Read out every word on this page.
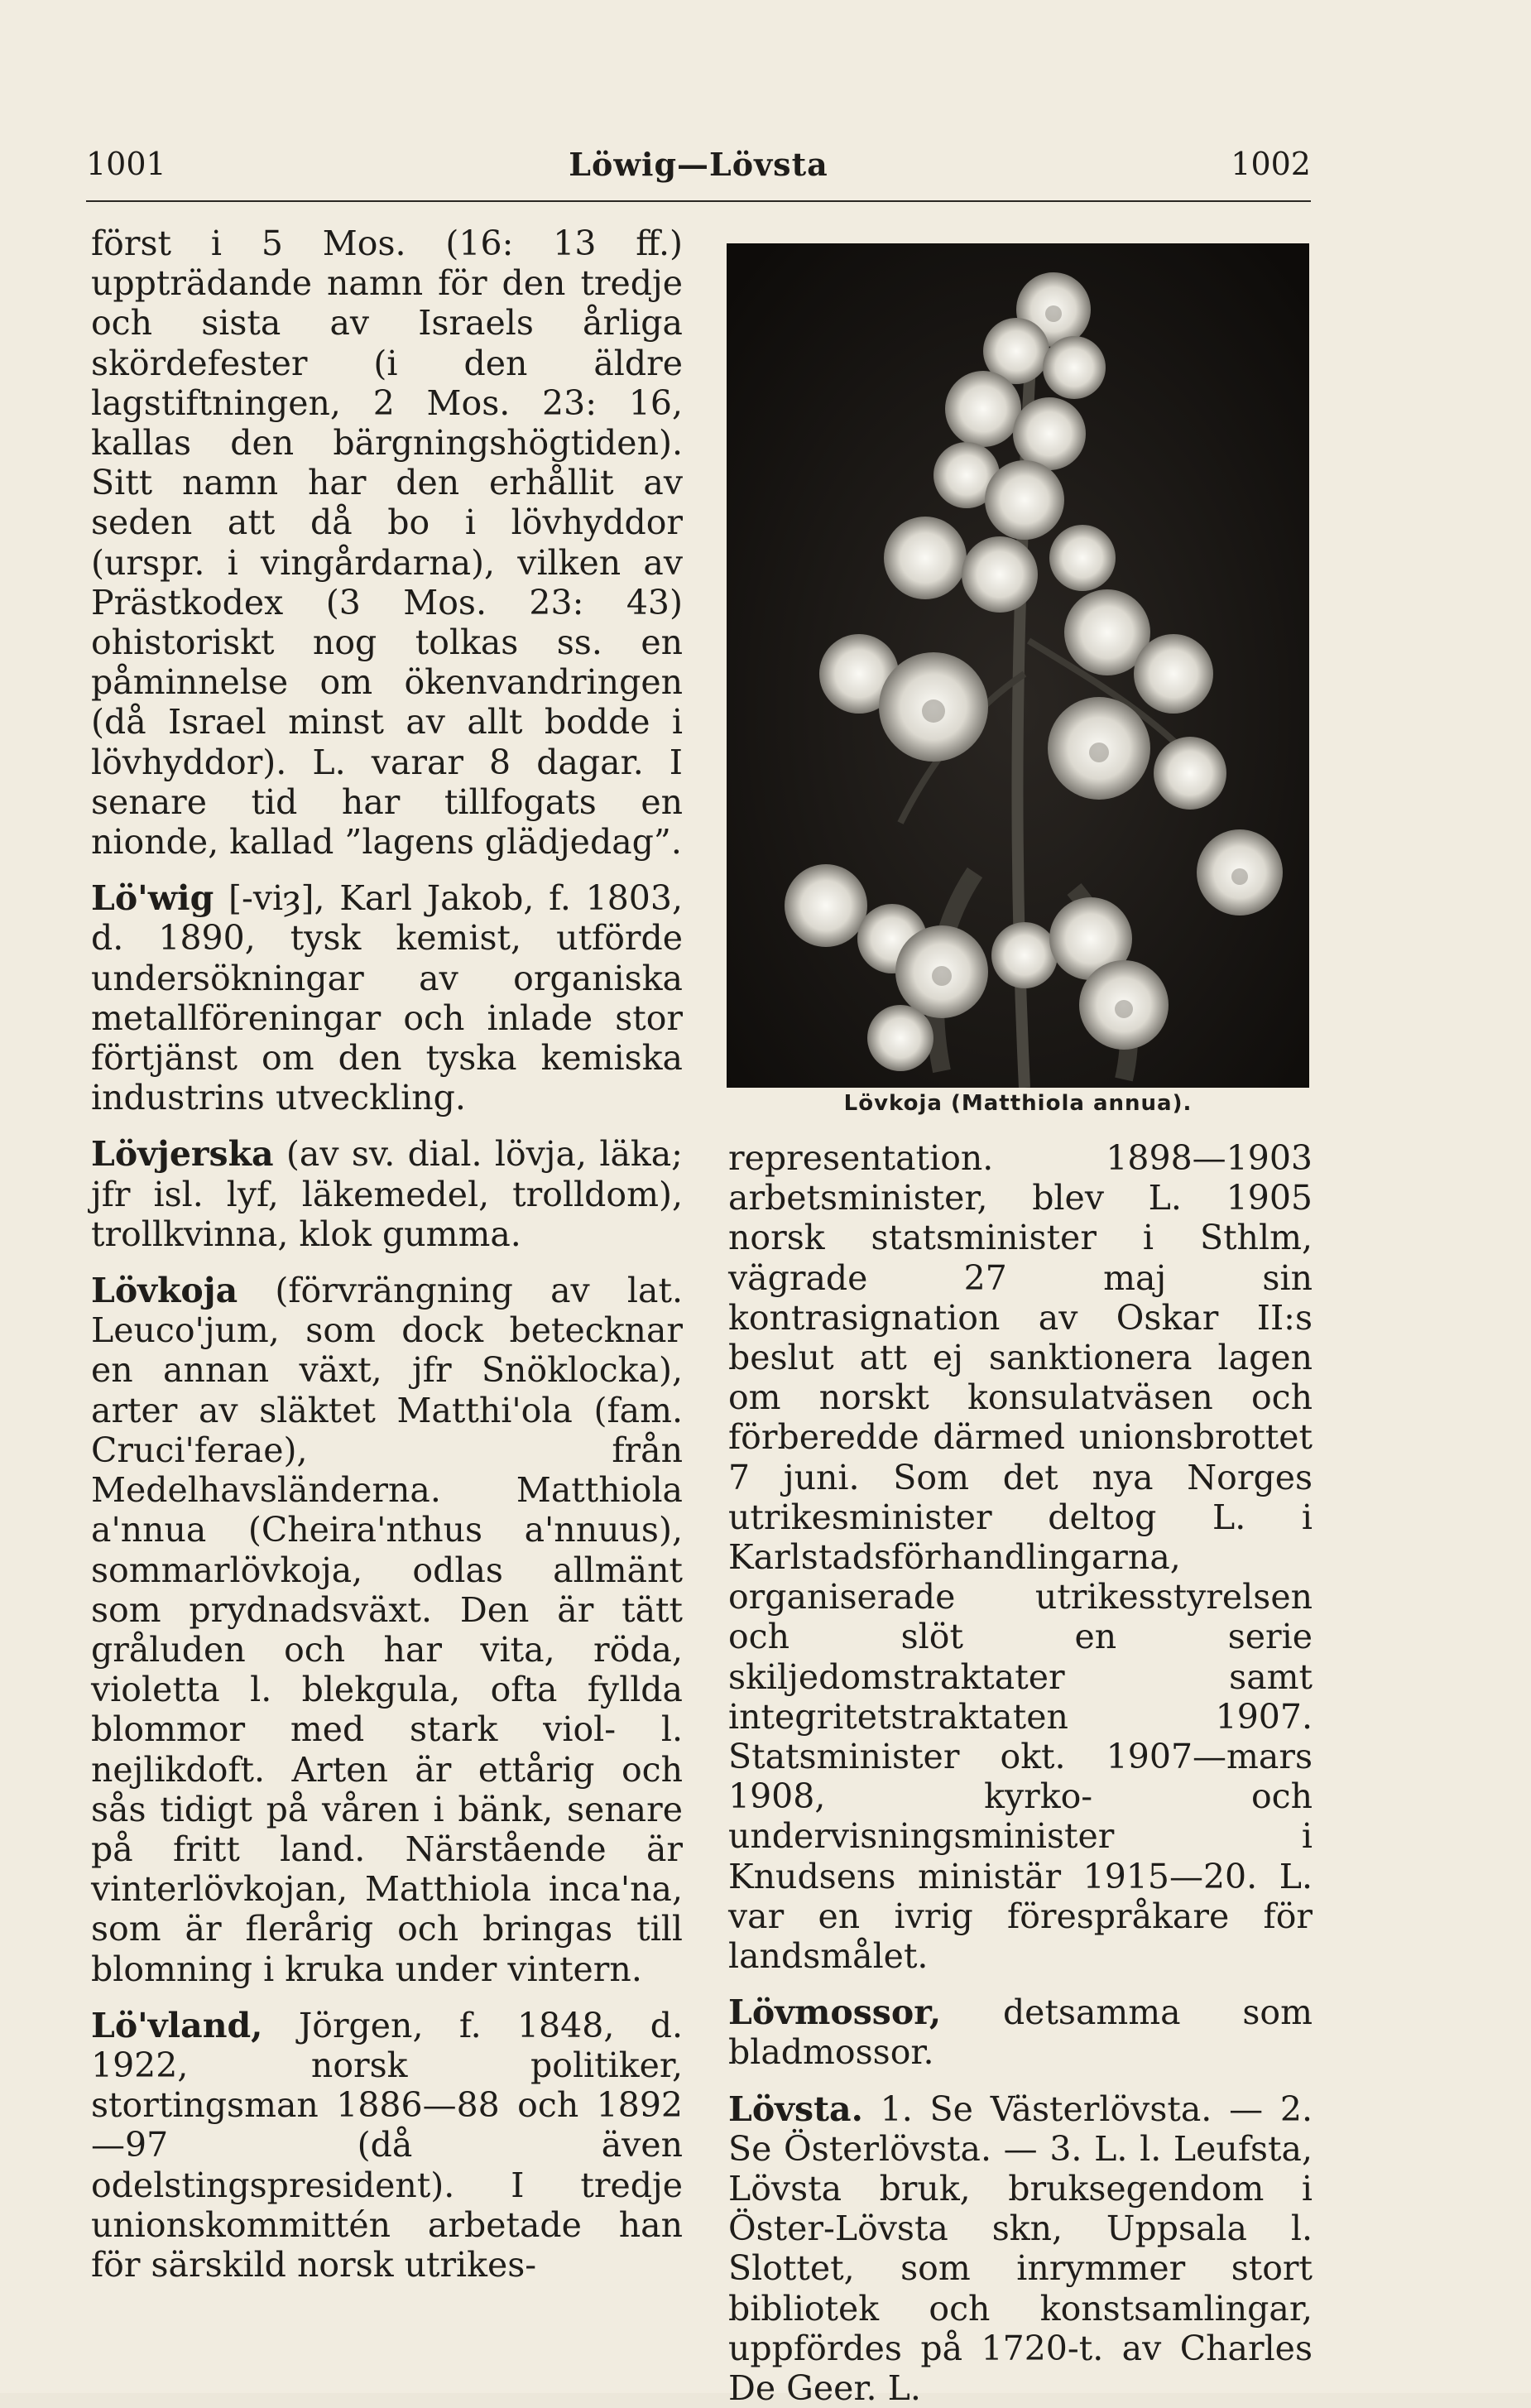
1001	Löwig—Lövsta	1002

först i 5 Mos. (16: 13 ff.) uppträdande namn för den tredje och sista av Israels årliga skördefester (i den äldre lagstiftningen, 2 Mos. 23: 16, kallas den bärgningshögtiden). Sitt namn har den erhållit av seden att då bo i lövhyddor (urspr. i vingårdarna), vilken av Prästkodex (3 Mos. 23: 43) ohistoriskt nog tolkas ss. en påminnelse om ökenvandringen (då Israel minst av allt bodde i lövhyddor). L. varar 8 dagar. I senare tid har tillfogats en nionde, kallad ”lagens glädjedag”.

Lö'wig [-viȝ], Karl Jakob, f. 1803, d. 1890, tysk kemist, utförde undersökningar av organiska metallföreningar och inlade stor förtjänst om den tyska kemiska industrins utveckling.

Lövjerska (av sv. dial. lövja, läka; jfr isl. lyf, läkemedel, trolldom), trollkvinna, klok gumma.

Lövkoja (förvrängning av lat. Leuco'jum, som dock betecknar en annan växt, jfr Snöklocka), arter av släktet Matthi'ola (fam. Cruci'ferae), från Medelhavsländerna. Matthiola a'nnua (Cheira'nthus a'nnuus), sommarlövkoja, odlas allmänt som prydnadsväxt. Den är tätt gråluden och har vita, röda, violetta l. blekgula, ofta fyllda blommor med stark viol- l. nejlikdoft. Arten är ettårig och sås tidigt på våren i bänk, senare på fritt land. Närstående är vinterlövkojan, Matthiola inca'na, som är flerårig och bringas till blomning i kruka under vintern.

Lö'vland, Jörgen, f. 1848, d. 1922, norsk politiker, stortingsman 1886—88 och 1892—97 (då även odelstingspresident). I tredje unionskommittén arbetade han för särskild norsk utrikes-

Lövkoja (Matthiola annua).

representation. 1898—1903 arbetsminister, blev L. 1905 norsk statsminister i Sthlm, vägrade 27 maj sin kontrasignation av Oskar II:s beslut att ej sanktionera lagen om norskt konsulatväsen och förberedde därmed unionsbrottet 7 juni. Som det nya Norges utrikesminister deltog L. i Karlstadsförhandlingarna, organiserade utrikesstyrelsen och slöt en serie skiljedomstraktater samt integritetstraktaten 1907. Statsminister okt. 1907—mars 1908, kyrko- och undervisningsminister i Knudsens ministär 1915—20. L. var en ivrig förespråkare för landsmålet.

Lövmossor, detsamma som bladmossor.

Lövsta. 1. Se Västerlövsta. — 2. Se Österlövsta. — 3. L. l. Leufsta, Lövsta bruk, bruksegendom i Öster-Lövsta skn, Uppsala l. Slottet, som inrymmer stort bibliotek och konstsamlingar, uppfördes på 1720-t. av Charles De Geer. L.
